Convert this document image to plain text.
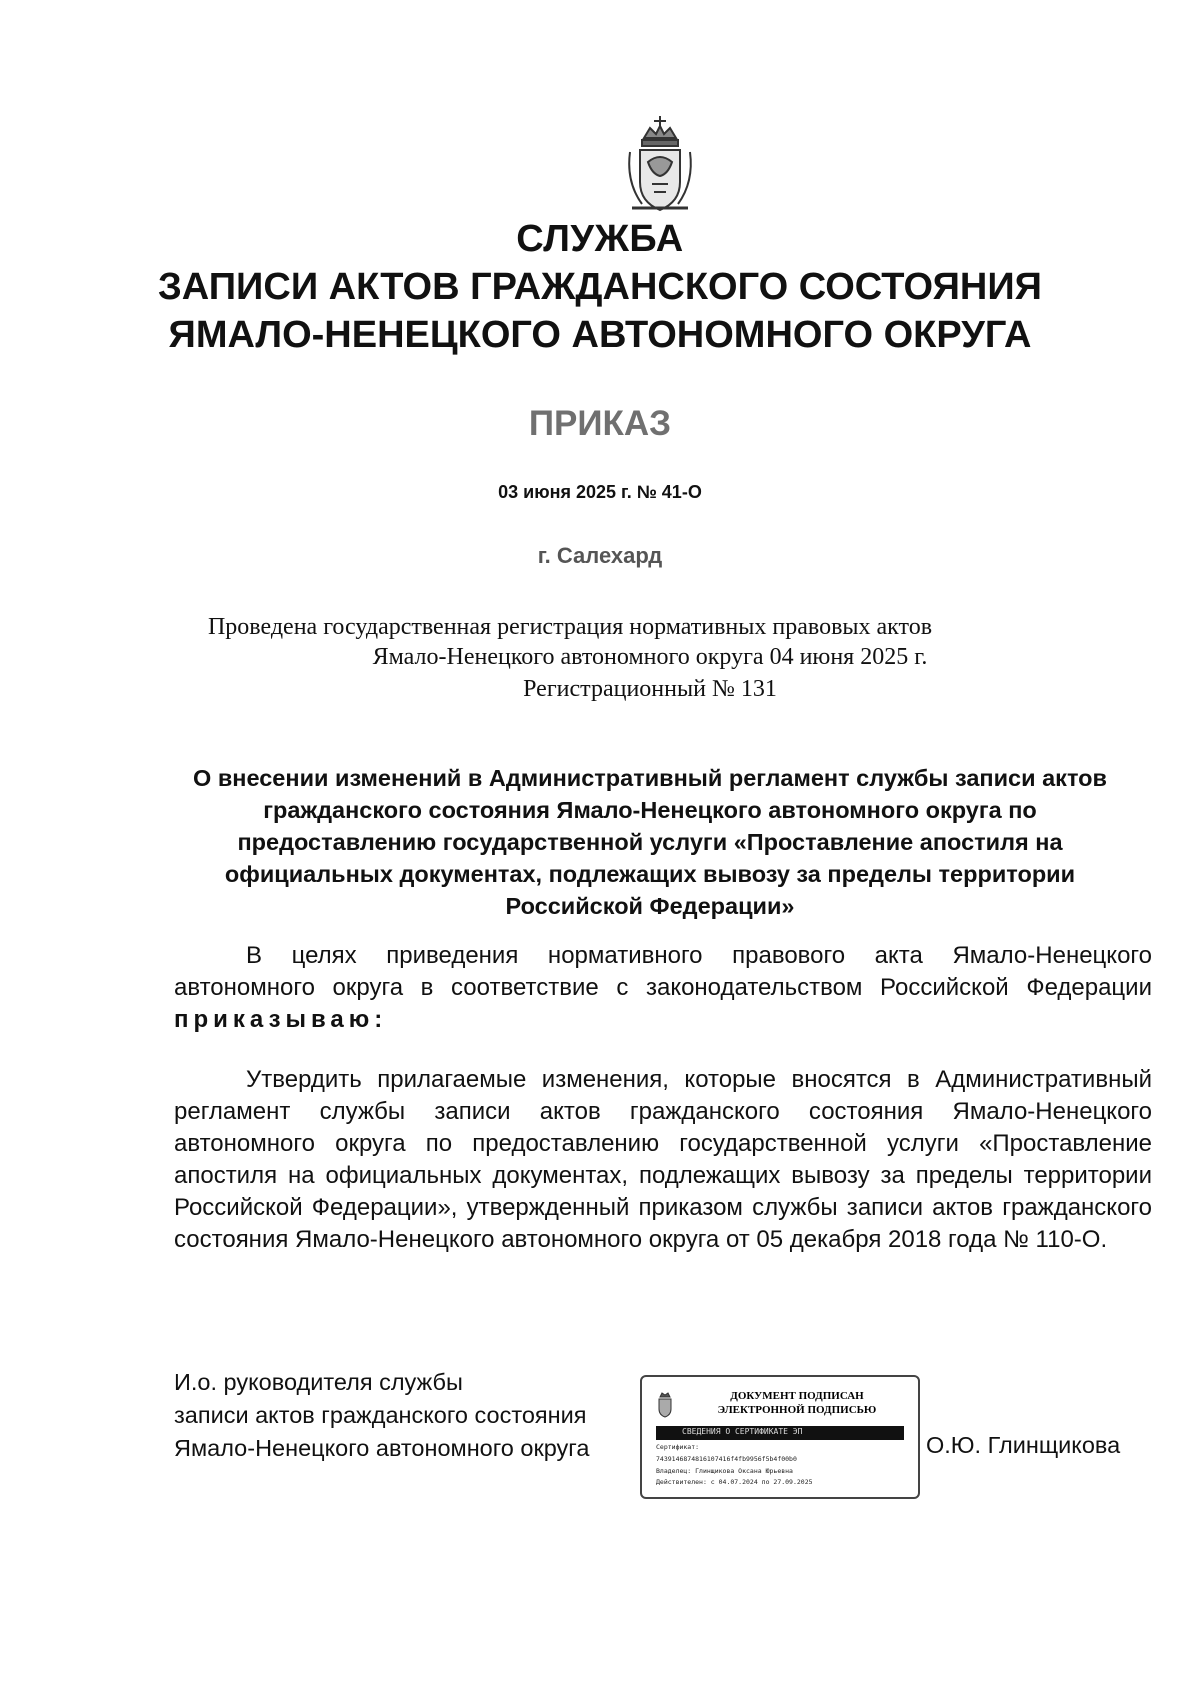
СЛУЖБА
ЗАПИСИ АКТОВ ГРАЖДАНСКОГО СОСТОЯНИЯ
ЯМАЛО-НЕНЕЦКОГО АВТОНОМНОГО ОКРУГА
ПРИКАЗ
03 июня 2025 г. № 41-О
г. Салехард
Проведена государственная регистрация нормативных правовых актов
Ямало-Ненецкого автономного округа 04 июня 2025 г.
Регистрационный № 131
О внесении изменений в Административный регламент службы записи актов гражданского состояния Ямало-Ненецкого автономного округа по предоставлению государственной услуги «Проставление апостиля на официальных документах, подлежащих вывозу за пределы территории Российской Федерации»
В целях приведения нормативного правового акта Ямало-Ненецкого автономного округа в соответствие с законодательством Российской Федерации приказываю:
Утвердить прилагаемые изменения, которые вносятся в Административный регламент службы записи актов гражданского состояния Ямало-Ненецкого автономного округа по предоставлению государственной услуги «Проставление апостиля на официальных документах, подлежащих вывозу за пределы территории Российской Федерации», утвержденный приказом службы записи актов гражданского состояния Ямало-Ненецкого автономного округа от 05 декабря 2018 года № 110-О.
И.о. руководителя службы
записи актов гражданского состояния
Ямало-Ненецкого автономного округа
ДОКУМЕНТ ПОДПИСАН
ЭЛЕКТРОННОЙ ПОДПИСЬЮ
СВЕДЕНИЯ О СЕРТИФИКАТЕ ЭП
Сертификат:
7439146874816107416f4fb9956f5b4f00b0
Владелец: Глинщикова Оксана Юрьевна
Действителен: с 04.07.2024 по 27.09.2025
О.Ю. Глинщикова
